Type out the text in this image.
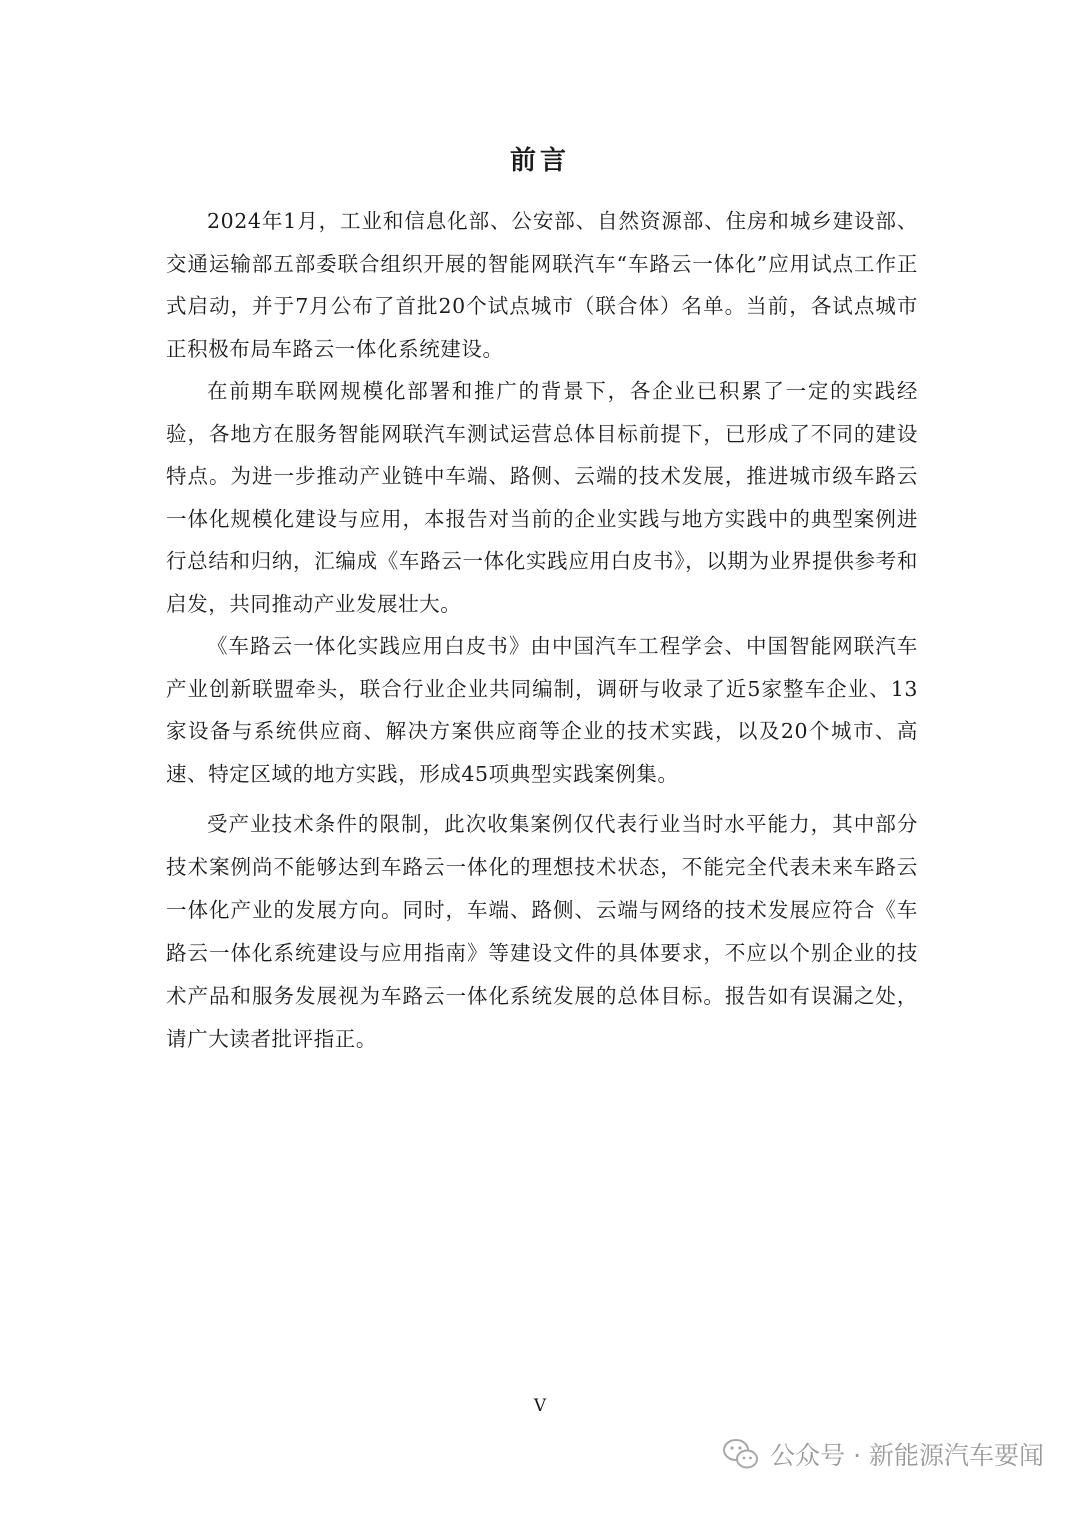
前言

2024年1月，工业和信息化部、公安部、自然资源部、住房和城乡建设部、交通运输部五部委联合组织开展的智能网联汽车“车路云一体化”应用试点工作正式启动，并于7月公布了首批20个试点城市（联合体）名单。当前，各试点城市正积极布局车路云一体化系统建设。

在前期车联网规模化部署和推广的背景下，各企业已积累了一定的实践经验，各地方在服务智能网联汽车测试运营总体目标前提下，已形成了不同的建设特点。为进一步推动产业链中车端、路侧、云端的技术发展，推进城市级车路云一体化规模化建设与应用，本报告对当前的企业实践与地方实践中的典型案例进行总结和归纳，汇编成《车路云一体化实践应用白皮书》，以期为业界提供参考和启发，共同推动产业发展壮大。

《车路云一体化实践应用白皮书》由中国汽车工程学会、中国智能网联汽车产业创新联盟牵头，联合行业企业共同编制，调研与收录了近5家整车企业、13家设备与系统供应商、解决方案供应商等企业的技术实践，以及20个城市、高速、特定区域的地方实践，形成45项典型实践案例集。

受产业技术条件的限制，此次收集案例仅代表行业当时水平能力，其中部分技术案例尚不能够达到车路云一体化的理想技术状态，不能完全代表未来车路云一体化产业的发展方向。同时，车端、路侧、云端与网络的技术发展应符合《车路云一体化系统建设与应用指南》等建设文件的具体要求，不应以个别企业的技术产品和服务发展视为车路云一体化系统发展的总体目标。报告如有误漏之处，请广大读者批评指正。

V
公众号 · 新能源汽车要闻
